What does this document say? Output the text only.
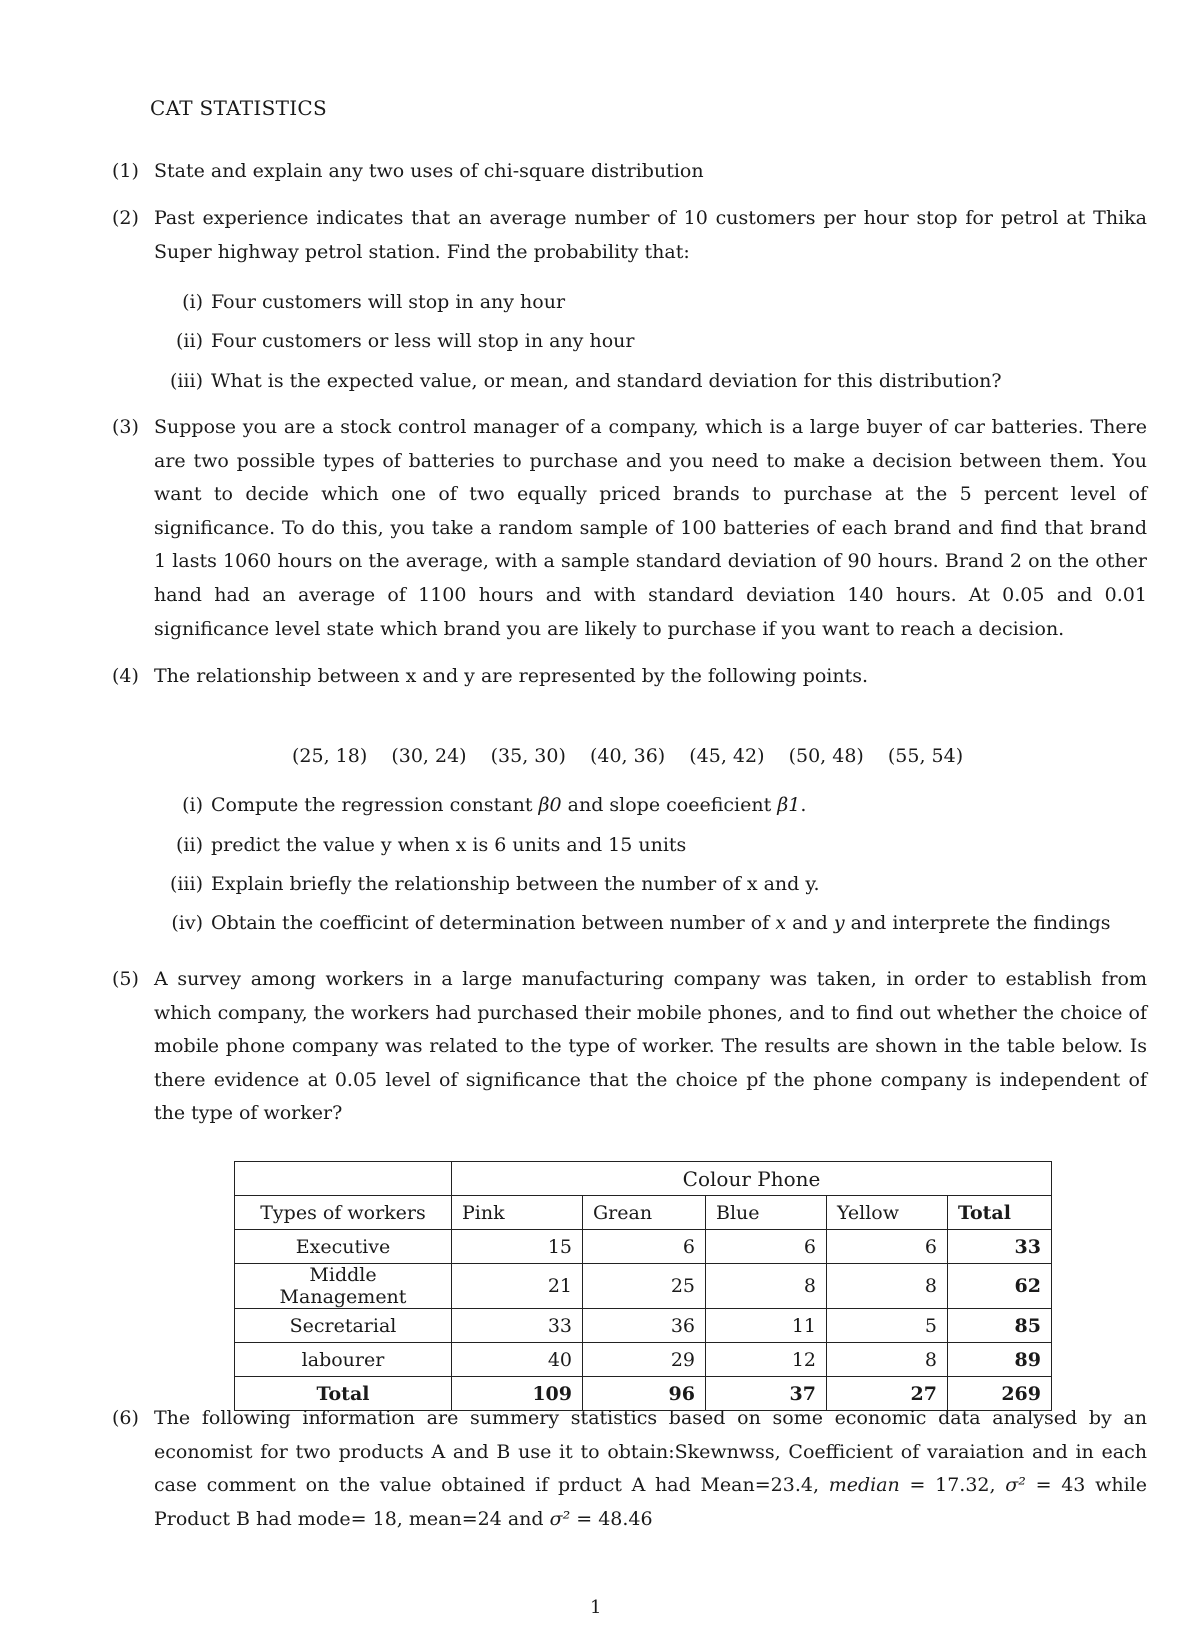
CAT STATISTICS
(1) State and explain any two uses of chi-square distribution
(2) Past experience indicates that an average number of 10 customers per hour stop for petrol at Thika Super highway petrol station. Find the probability that:
(i) Four customers will stop in any hour
(ii) Four customers or less will stop in any hour
(iii) What is the expected value, or mean, and standard deviation for this distribution?
(3) Suppose you are a stock control manager of a company, which is a large buyer of car batteries. There are two possible types of batteries to purchase and you need to make a decision between them. You want to decide which one of two equally priced brands to purchase at the 5 percent level of significance. To do this, you take a random sample of 100 batteries of each brand and find that brand 1 lasts 1060 hours on the average, with a sample standard deviation of 90 hours. Brand 2 on the other hand had an average of 1100 hours and with standard deviation 140 hours. At 0.05 and 0.01 significance level state which brand you are likely to purchase if you want to reach a decision.
(4) The relationship between x and y are represented by the following points.
(25, 18) (30, 24) (35, 30) (40, 36) (45, 42) (50, 48) (55, 54)
(i) Compute the regression constant β0 and slope coeeficient β1.
(ii) predict the value y when x is 6 units and 15 units
(iii) Explain briefly the relationship between the number of x and y.
(iv) Obtain the coefficint of determination between number of x and y and interprete the findings
(5) A survey among workers in a large manufacturing company was taken, in order to establish from which company, the workers had purchased their mobile phones, and to find out whether the choice of mobile phone company was related to the type of worker. The results are shown in the table below. Is there evidence at 0.05 level of significance that the choice pf the phone company is independent of the type of worker?
	Colour Phone				
Types of workers	Pink	Grean	Blue	Yellow	Total
Executive	15	6	6	6	33
Middle Management	21	25	8	8	62
Secretarial	33	36	11	5	85
labourer	40	29	12	8	89
Total	109	96	37	27	269
(6) The following information are summery statistics based on some economic data analysed by an economist for two products A and B use it to obtain:Skewnwss, Coefficient of varaiation and in each case comment on the value obtained if prduct A had Mean=23.4, median = 17.32, σ² = 43 while Product B had mode= 18, mean=24 and σ² = 48.46
1
